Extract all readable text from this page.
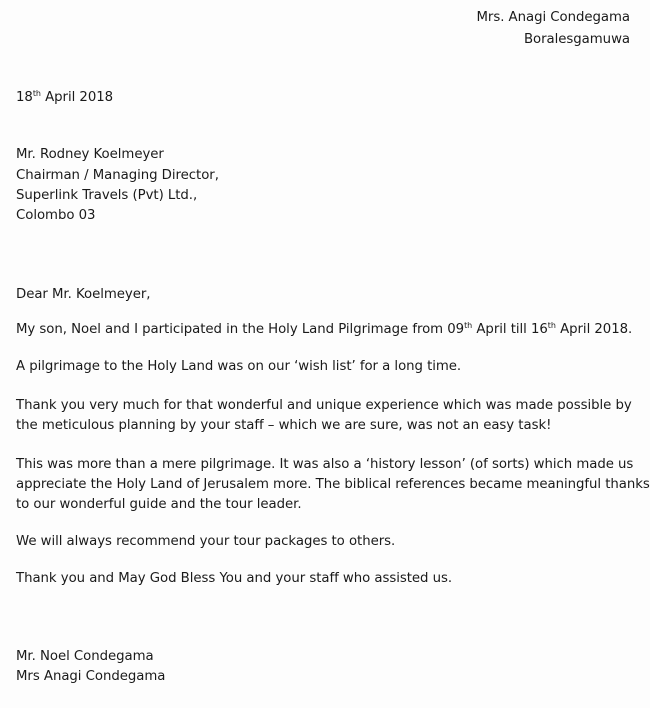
Mrs. Anagi Condegama
Boralesgamuwa
18th April 2018
Mr. Rodney Koelmeyer
Chairman / Managing Director,
Superlink Travels (Pvt) Ltd.,
Colombo 03
Dear Mr. Koelmeyer,
My son, Noel and I participated in the Holy Land Pilgrimage from 09th April till 16th April 2018.
A pilgrimage to the Holy Land was on our ‘wish list’ for a long time.
Thank you very much for that wonderful and unique experience which was made possible by
the meticulous planning by your staff – which we are sure, was not an easy task!
This was more than a mere pilgrimage. It was also a ‘history lesson’ (of sorts) which made us
appreciate the Holy Land of Jerusalem more. The biblical references became meaningful thanks
to our wonderful guide and the tour leader.
We will always recommend your tour packages to others.
Thank you and May God Bless You and your staff who assisted us.
Mr. Noel Condegama
Mrs Anagi Condegama
